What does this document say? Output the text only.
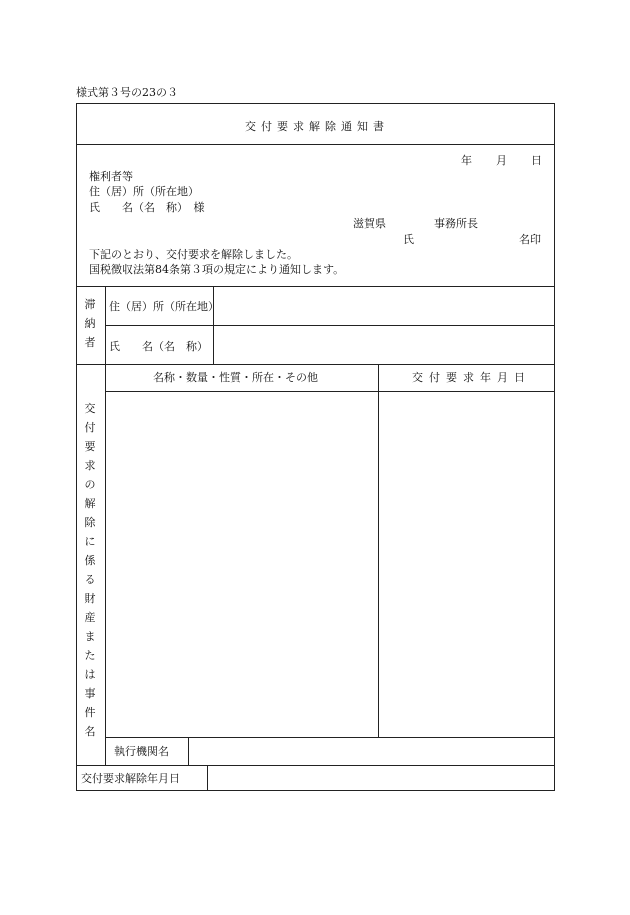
様式第３号の23の３
交付要求解除通知書
年 月 日
権利者等
住（居）所（所在地）
氏　　名（名　称）　様
滋賀県	事務所長
氏	名印
下記のとおり、交付要求を解除しました。
国税徴収法第84条第３項の規定により通知します。
滞
納
者
住（居）所（所在地）
氏　　名（名　称）
交
付
要
求
の
解
除
に
係
る
財
産
ま
た
は
事
件
名
名称・数量・性質・所在・その他	交付要求年月日
執行機関名
交付要求解除年月日
